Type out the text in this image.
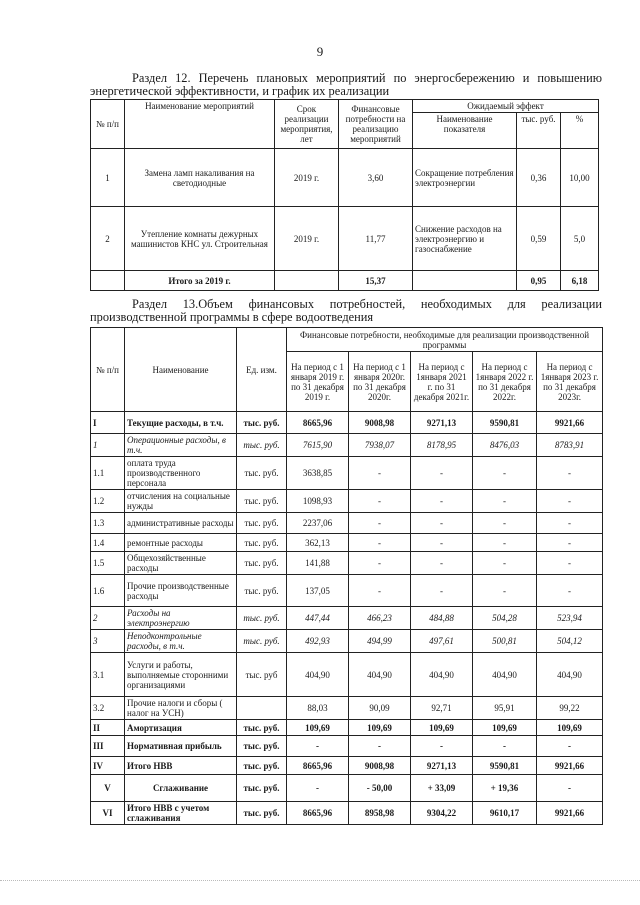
9
Раздел 12. Перечень плановых мероприятий по энергосбережению и повышению
энергетической эффективности, и график их реализации
№ п/п	Наименование мероприятий	Срок реализации мероприятия, лет	Финансовые потребности на реализацию мероприятий	Ожидаемый эффект		
				Наименование показателя	тыс. руб.	%
1	Замена ламп накаливания на светодиодные	2019 г.	3,60	Сокращение потребления электроэнергии	0,36	10,00
2	Утепление комнаты дежурных машинистов КНС ул. Строительная	2019 г.	11,77	Снижение расходов на электроэнергию и газоснабжение	0,59	5,0
	Итого за 2019 г.		15,37		0,95	6,18
Раздел 13.Объем финансовых потребностей, необходимых для реализации
производственной программы в сфере водоотведения
№ п/п	Наименование	Ед. изм.	Финансовые потребности, необходимые для реализации производственной программы				
			На период с 1 января 2019 г. по 31 декабря 2019 г.	На период с 1 января 2020г. по 31 декабря 2020г.	На период с 1января 2021 г. по 31 декабря 2021г.	На период с 1января 2022 г. по 31 декабря 2022г.	На период с 1января 2023 г. по 31 декабря 2023г.
I	Текущие расходы, в т.ч.	тыс. руб.	8665,96	9008,98	9271,13	9590,81	9921,66
1	Операционные расходы, в т.ч.	тыс. руб.	7615,90	7938,07	8178,95	8476,03	8783,91
1.1	оплата труда производственного персонала	тыс. руб.	3638,85	-	-	-	-
1.2	отчисления на социальные нужды	тыс. руб.	1098,93	-	-	-	-
1.3	административные расходы	тыс. руб.	2237,06	-	-	-	-
1.4	ремонтные расходы	тыс. руб.	362,13	-	-	-	-
1.5	Общехозяйственные расходы	тыс. руб.	141,88	-	-	-	-
1.6	Прочие производственные расходы	тыс. руб.	137,05	-	-	-	-
2	Расходы на электроэнергию	тыс. руб.	447,44	466,23	484,88	504,28	523,94
3	Неподконтрольные расходы, в т.ч.	тыс. руб.	492,93	494,99	497,61	500,81	504,12
3.1	Услуги и работы, выполняемые сторонними организациями	тыс. руб	404,90	404,90	404,90	404,90	404,90
3.2	Прочие налоги и сборы ( налог на УСН)		88,03	90,09	92,71	95,91	99,22
II	Амортизация	тыс. руб.	109,69	109,69	109,69	109,69	109,69
III	Нормативная прибыль	тыс. руб.	-	-	-	-	-
IV	Итого НВВ	тыс. руб.	8665,96	9008,98	9271,13	9590,81	9921,66
V	Сглаживание	тыс. руб.	-	- 50,00	+ 33,09	+ 19,36	-
VI	Итого НВВ с учетом сглаживания	тыс. руб.	8665,96	8958,98	9304,22	9610,17	9921,66
